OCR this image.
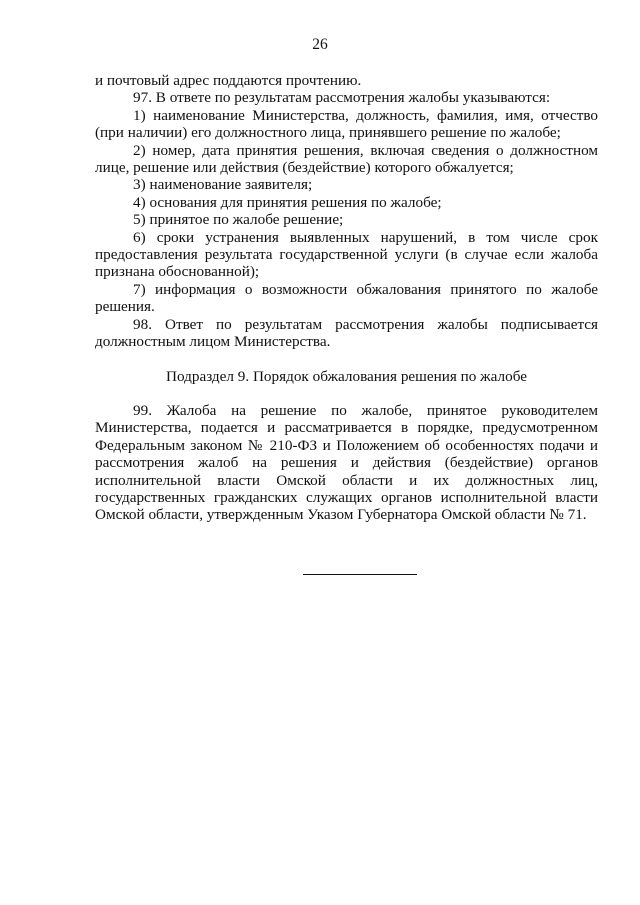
26

и почтовый адрес поддаются прочтению.

97. В ответе по результатам рассмотрения жалобы указываются:

1) наименование Министерства, должность, фамилия, имя, отчество (при наличии) его должностного лица, принявшего решение по жалобе;

2) номер, дата принятия решения, включая сведения о должностном лице, решение или действия (бездействие) которого обжалуется;

3) наименование заявителя;

4) основания для принятия решения по жалобе;

5) принятое по жалобе решение;

6) сроки устранения выявленных нарушений, в том числе срок предоставления результата государственной услуги (в случае если жалоба признана обоснованной);

7) информация о возможности обжалования принятого по жалобе решения.

98. Ответ по результатам рассмотрения жалобы подписывается должностным лицом Министерства.

Подраздел 9. Порядок обжалования решения по жалобе

99. Жалоба на решение по жалобе, принятое руководителем Министерства, подается и рассматривается в порядке, предусмотренном Федеральным законом № 210-ФЗ и Положением об особенностях подачи и рассмотрения жалоб на решения и действия (бездействие) органов исполнительной власти Омской области и их должностных лиц, государственных гражданских служащих органов исполнительной власти Омской области, утвержденным Указом Губернатора Омской области № 71.
